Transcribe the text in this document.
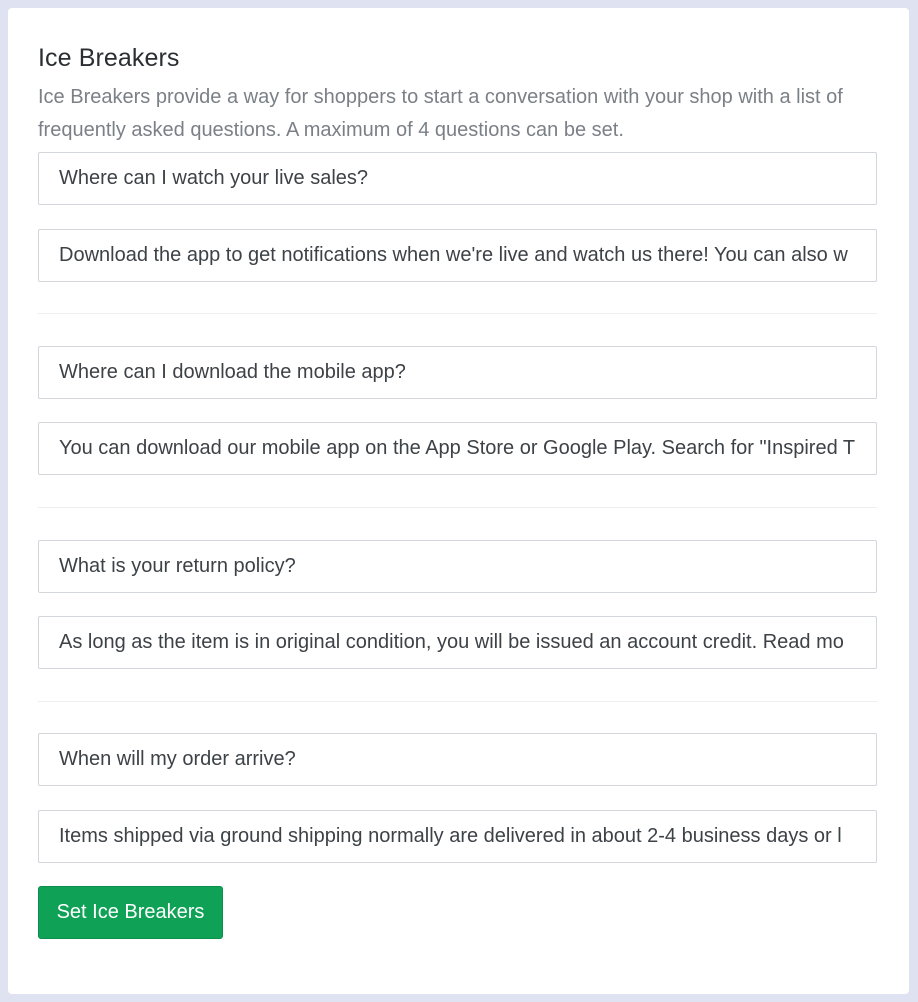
Ice Breakers

Ice Breakers provide a way for shoppers to start a conversation with your shop with a list of frequently asked questions. A maximum of 4 questions can be set.

Where can I watch your live sales?
Download the app to get notifications when we're live and watch us there! You can also w
Where can I download the mobile app?
You can download our mobile app on the App Store or Google Play. Search for "Inspired T
What is your return policy?
As long as the item is in original condition, you will be issued an account credit. Read mo
When will my order arrive?
Items shipped via ground shipping normally are delivered in about 2-4 business days or l
Set Ice Breakers
